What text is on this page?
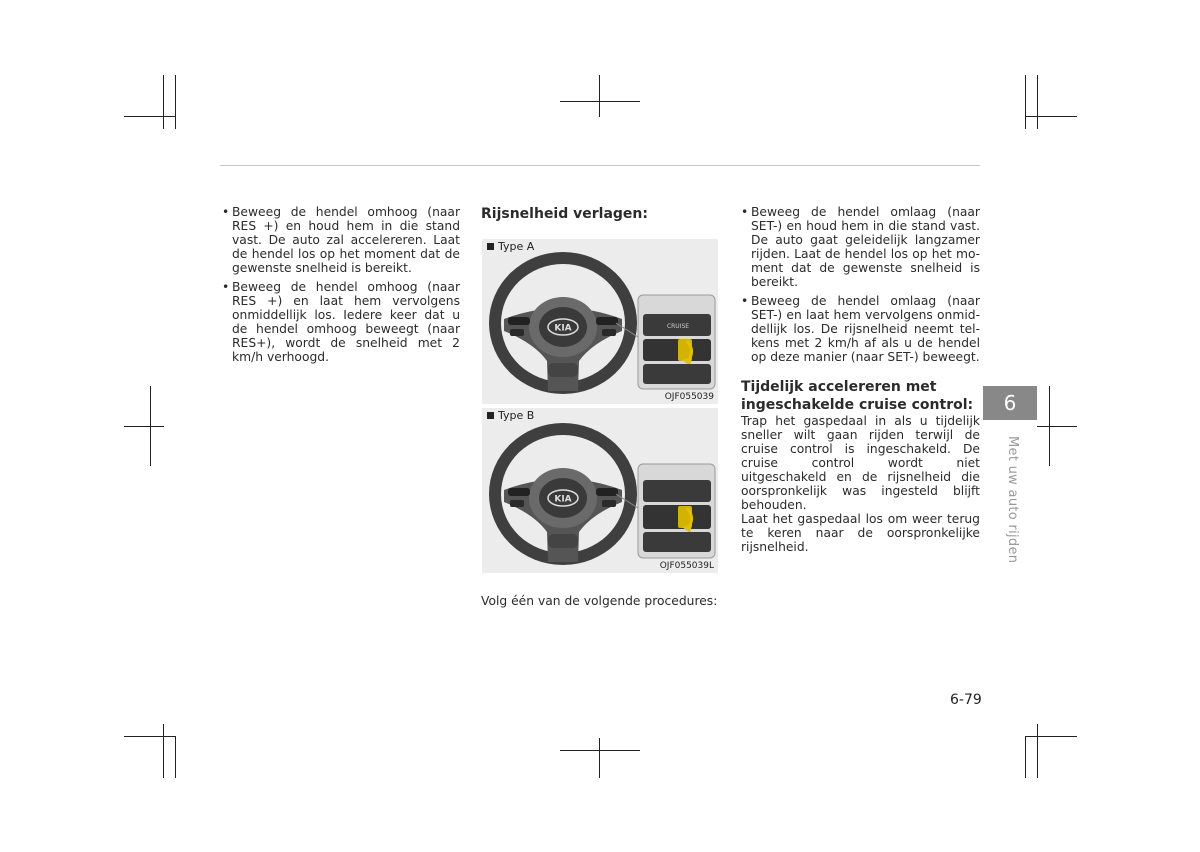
• Beweeg de hendel omhoog (naar RES +) en houd hem in die stand vast. De auto zal accelereren. Laat de hendel los op het moment dat de gewenste snelheid is bereikt.
• Beweeg de hendel omhoog (naar RES +) en laat hem vervolgens onmiddellijk los. Iedere keer dat u de hendel omhoog beweegt (naar RES+), wordt de snelheid met 2 km/h verhoogd.
Rijsnelheid verlagen:
Type A
KIA	CRUISE
OJF055039
Type B
KIA
OJF055039L
Volg één van de volgende procedures:
• Beweeg de hendel omlaag (naar SET-) en houd hem in die stand vast. De auto gaat geleidelijk langzamer rijden. Laat de hendel los op het moment dat de gewenste snelheid is bereikt.
• Beweeg de hendel omlaag (naar SET-) en laat hem vervolgens onmiddellijk los. De rijsnelheid neemt telkens met 2 km/h af als u de hendel op deze manier (naar SET-) beweegt.
Tijdelijk accelereren met ingeschakelde cruise control:
Trap het gaspedaal in als u tijdelijk sneller wilt gaan rijden terwijl de cruise control is ingeschakeld. De cruise control wordt niet uitgeschakeld en de rijsnelheid die oorspronkelijk was ingesteld blijft behouden.
Laat het gaspedaal los om weer terug te keren naar de oorspronkelijke rijsnelheid.
6
Met uw auto rijden
6-79
